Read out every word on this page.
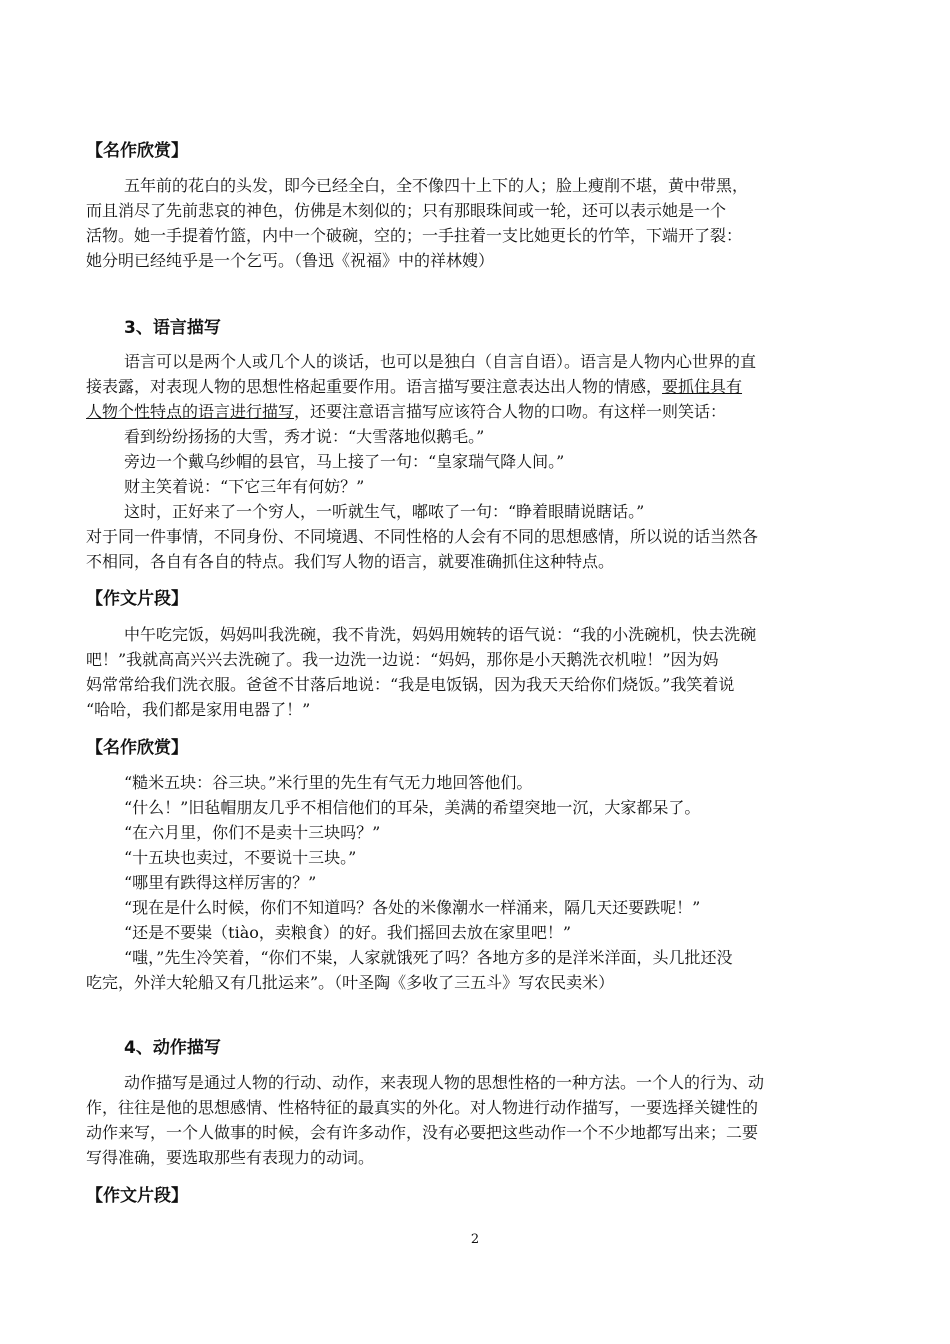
【名作欣赏】
五年前的花白的头发，即今已经全白，全不像四十上下的人；脸上瘦削不堪，黄中带黑，
而且消尽了先前悲哀的神色，仿佛是木刻似的；只有那眼珠间或一轮，还可以表示她是一个
活物。她一手提着竹篮，内中一个破碗，空的；一手拄着一支比她更长的竹竿，下端开了裂：
她分明已经纯乎是一个乞丐。（鲁迅《祝福》中的祥林嫂）
3、语言描写
语言可以是两个人或几个人的谈话，也可以是独白（自言自语）。语言是人物内心世界的直
接表露，对表现人物的思想性格起重要作用。语言描写要注意表达出人物的情感，要抓住具有
人物个性特点的语言进行描写，还要注意语言描写应该符合人物的口吻。有这样一则笑话：
看到纷纷扬扬的大雪，秀才说：“大雪落地似鹅毛。”
旁边一个戴乌纱帽的县官，马上接了一句：“皇家瑞气降人间。”
财主笑着说：“下它三年有何妨？”
这时，正好来了一个穷人，一听就生气，嘟哝了一句：“睁着眼睛说瞎话。”
对于同一件事情，不同身份、不同境遇、不同性格的人会有不同的思想感情，所以说的话当然各
不相同，各自有各自的特点。我们写人物的语言，就要准确抓住这种特点。
【作文片段】
中午吃完饭，妈妈叫我洗碗，我不肯洗，妈妈用婉转的语气说：“我的小洗碗机，快去洗碗
吧！”我就高高兴兴去洗碗了。我一边洗一边说：“妈妈，那你是小天鹅洗衣机啦！”因为妈
妈常常给我们洗衣服。爸爸不甘落后地说：“我是电饭锅，因为我天天给你们烧饭。”我笑着说
“哈哈，我们都是家用电器了！”
【名作欣赏】
“糙米五块：谷三块。”米行里的先生有气无力地回答他们。
“什么！”旧毡帽朋友几乎不相信他们的耳朵，美满的希望突地一沉，大家都呆了。
“在六月里，你们不是卖十三块吗？”
“十五块也卖过，不要说十三块。”
“哪里有跌得这样厉害的？”
“现在是什么时候，你们不知道吗？各处的米像潮水一样涌来，隔几天还要跌呢！”
“还是不要粜（tiào，卖粮食）的好。我们摇回去放在家里吧！”
“嗤，”先生冷笑着，“你们不粜，人家就饿死了吗？各地方多的是洋米洋面，头几批还没
吃完，外洋大轮船又有几批运来”。（叶圣陶《多收了三五斗》写农民卖米）
4、动作描写
动作描写是通过人物的行动、动作，来表现人物的思想性格的一种方法。一个人的行为、动
作，往往是他的思想感情、性格特征的最真实的外化。对人物进行动作描写，一要选择关键性的
动作来写，一个人做事的时候，会有许多动作，没有必要把这些动作一个不少地都写出来；二要
写得准确，要选取那些有表现力的动词。
【作文片段】
2
